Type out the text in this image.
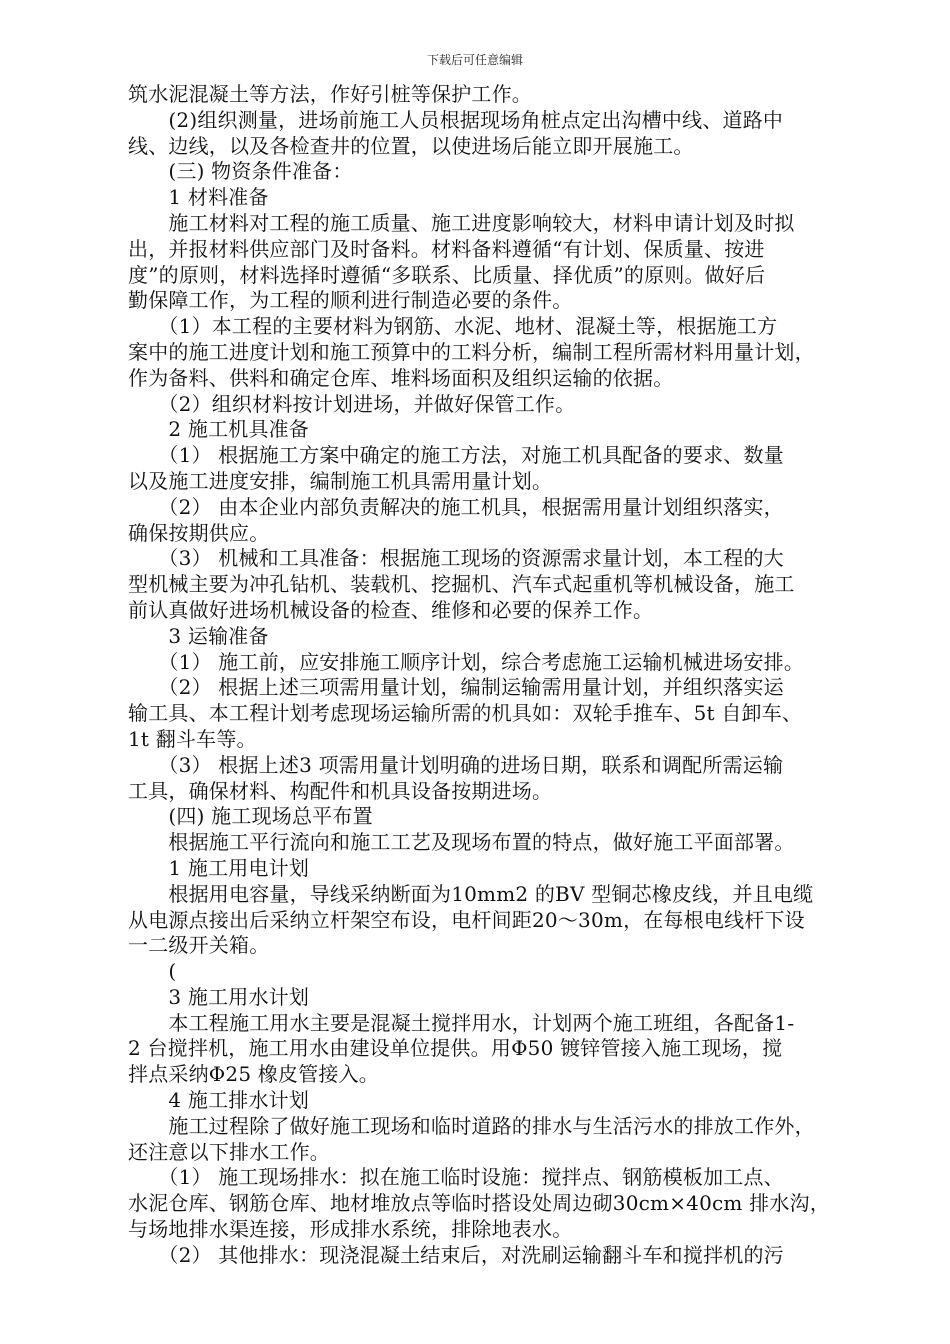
下载后可任意编辑

筑水泥混凝土等方法，作好引桩等保护工作。

　　(2)组织测量，进场前施工人员根据现场角桩点定出沟槽中线、道路中

线、边线，以及各检查井的位置，以使进场后能立即开展施工。

　　(三) 物资条件准备：

　　1 材料准备

　　施工材料对工程的施工质量、施工进度影响较大，材料申请计划及时拟

出，并报材料供应部门及时备料。材料备料遵循“有计划、保质量、按进

度”的原则，材料选择时遵循“多联系、比质量、择优质”的原则。做好后

勤保障工作，为工程的顺利进行制造必要的条件。

　　（1）本工程的主要材料为钢筋、水泥、地材、混凝土等，根据施工方

案中的施工进度计划和施工预算中的工料分析，编制工程所需材料用量计划，

作为备料、供料和确定仓库、堆料场面积及组织运输的依据。

　　（2）组织材料按计划进场，并做好保管工作。

　　2 施工机具准备

　　（1） 根据施工方案中确定的施工方法，对施工机具配备的要求、数量

以及施工进度安排，编制施工机具需用量计划。

　　（2） 由本企业内部负责解决的施工机具，根据需用量计划组织落实，

确保按期供应。

　　（3） 机械和工具准备：根据施工现场的资源需求量计划，本工程的大

型机械主要为冲孔钻机、装载机、挖掘机、汽车式起重机等机械设备，施工

前认真做好进场机械设备的检查、维修和必要的保养工作。

　　3 运输准备

　　（1） 施工前，应安排施工顺序计划，综合考虑施工运输机械进场安排。

　　（2） 根据上述三项需用量计划，编制运输需用量计划，并组织落实运

输工具、本工程计划考虑现场运输所需的机具如：双轮手推车、5t 自卸车、

1t 翻斗车等。

　　（3） 根据上述3 项需用量计划明确的进场日期，联系和调配所需运输

工具，确保材料、构配件和机具设备按期进场。

　　(四) 施工现场总平布置

　　根据施工平行流向和施工工艺及现场布置的特点，做好施工平面部署。

　　1 施工用电计划

　　根据用电容量，导线采纳断面为10mm2 的BV 型铜芯橡皮线，并且电缆

从电源点接出后采纳立杆架空布设，电杆间距20～30m，在每根电线杆下设

一二级开关箱。

　　(

　　3 施工用水计划

　　本工程施工用水主要是混凝土搅拌用水，计划两个施工班组，各配备1-

2 台搅拌机，施工用水由建设单位提供。用Φ50 镀锌管接入施工现场，搅

拌点采纳Φ25 橡皮管接入。

　　4 施工排水计划

　　施工过程除了做好施工现场和临时道路的排水与生活污水的排放工作外，

还注意以下排水工作。

　　（1） 施工现场排水：拟在施工临时设施：搅拌点、钢筋模板加工点、

水泥仓库、钢筋仓库、地材堆放点等临时搭设处周边砌30cm×40cm 排水沟，

与场地排水渠连接，形成排水系统，排除地表水。

　　（2） 其他排水：现浇混凝土结束后，对洗刷运输翻斗车和搅拌机的污
